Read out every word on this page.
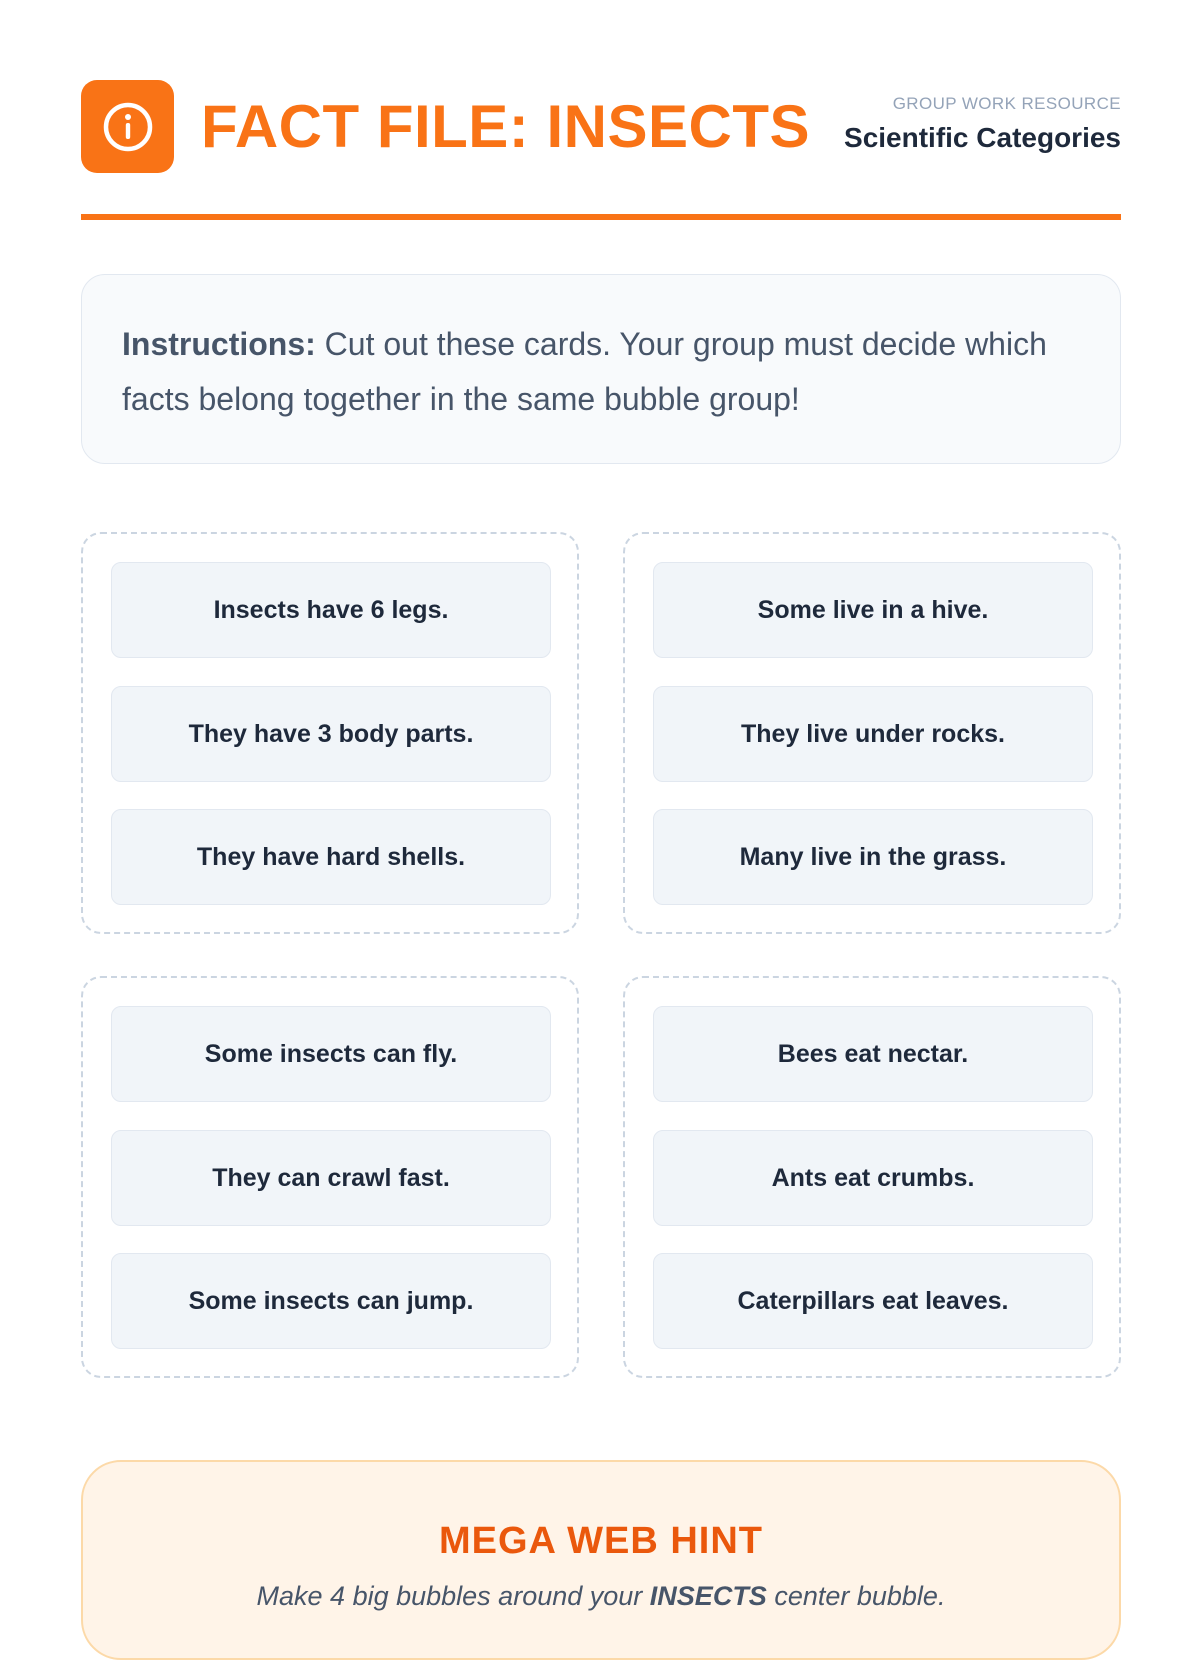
FACT FILE: INSECTS	GROUP WORK RESOURCE
Scientific Categories
Instructions: Cut out these cards. Your group must decide which facts belong together in the same bubble group!
Insects have 6 legs.
They have 3 body parts.
They have hard shells.
Some live in a hive.
They live under rocks.
Many live in the grass.
Some insects can fly.
They can crawl fast.
Some insects can jump.
Bees eat nectar.
Ants eat crumbs.
Caterpillars eat leaves.
MEGA WEB HINT
Make 4 big bubbles around your INSECTS center bubble.
